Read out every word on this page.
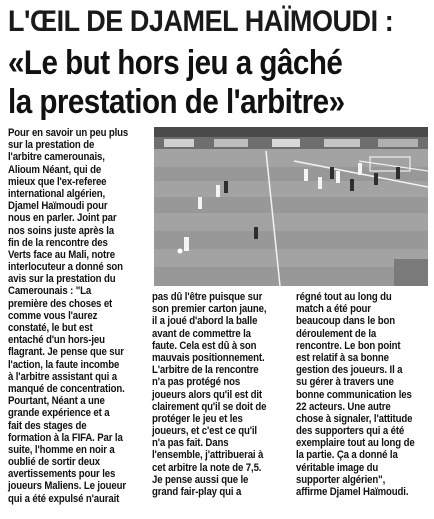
L'ŒIL DE DJAMEL HAÏMOUDI :
«Le but hors jeu a gâché
la prestation de l'arbitre»
Pour en savoir un peu plus
sur la prestation de
l'arbitre camerounais,
Alioum Néant, qui de
mieux que l'ex-referee
international algérien,
Djamel Haïmoudi pour
nous en parler. Joint par
nos soins juste après la
fin de la rencontre des
Verts face au Mali, notre
interlocuteur a donné son
avis sur la prestation du
Camerounais : "La
première des choses et
comme vous l'aurez
constaté, le but est
entaché d'un hors-jeu
flagrant. Je pense que sur
l'action, la faute incombe
à l'arbitre assistant qui a
manqué de concentration.
Pourtant, Néant a une
grande expérience et a
fait des stages de
formation à la FIFA. Par la
suite, l'homme en noir a
oublié de sortir deux
avertissements pour les
joueurs Maliens. Le joueur
qui a été expulsé n'aurait
pas dû l'être puisque sur
son premier carton jaune,
il a joué d'abord la balle
avant de commettre la
faute. Cela est dû à son
mauvais positionnement.
L'arbitre de la rencontre
n'a pas protégé nos
joueurs alors qu'il est dit
clairement qu'il se doit de
protéger le jeu et les
joueurs, et c'est ce qu'il
n'a pas fait. Dans
l'ensemble, j'attribuerai à
cet arbitre la note de 7,5.
Je pense aussi que le
grand fair-play qui a
régné tout au long du
match a été pour
beaucoup dans le bon
déroulement de la
rencontre. Le bon point
est relatif à sa bonne
gestion des joueurs. Il a
su gérer à travers une
bonne communication les
22 acteurs. Une autre
chose à signaler, l'attitude
des supporters qui a été
exemplaire tout au long de
la partie. Ça a donné la
véritable image du
supporter algérien",
affirme Djamel Haïmoudi.
